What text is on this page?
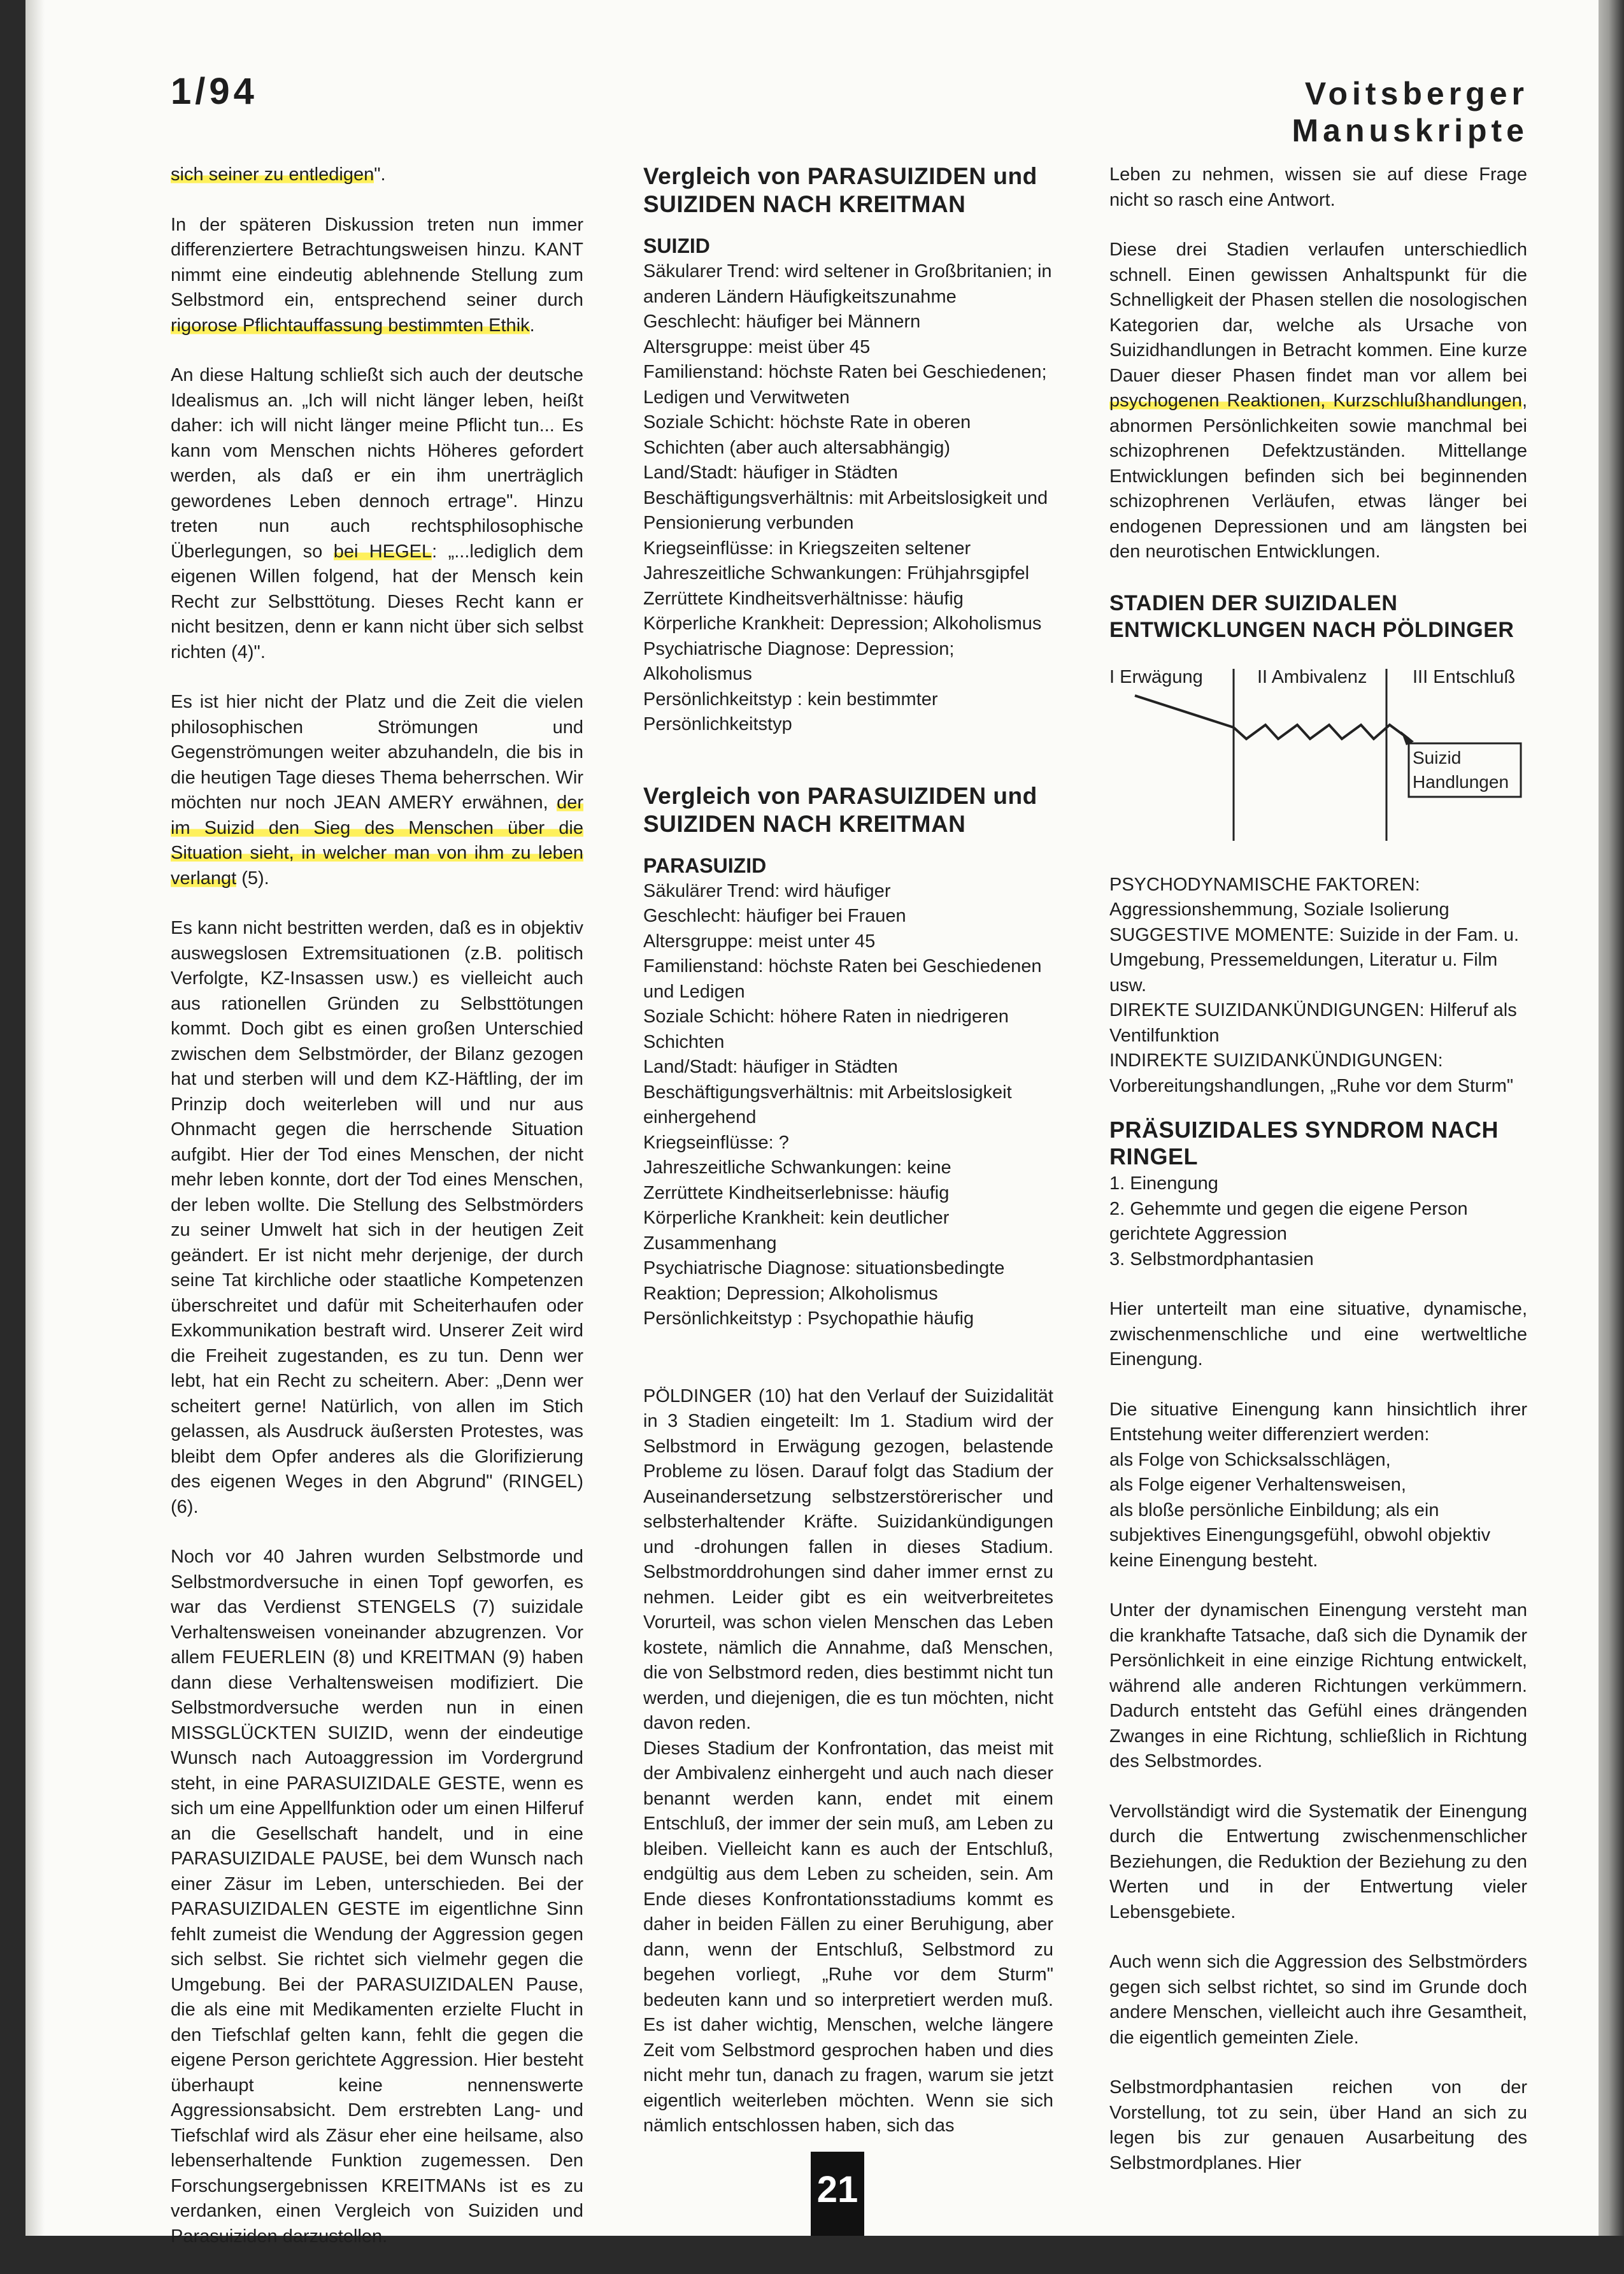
1/94	Voitsberger Manuskripte

sich seiner zu entledigen".

In der späteren Diskussion treten nun immer differenziertere Betrachtungsweisen hinzu. KANT nimmt eine eindeutig ablehnende Stellung zum Selbstmord ein, entsprechend seiner durch rigorose Pflichtauffassung bestimmten Ethik.

An diese Haltung schließt sich auch der deutsche Idealismus an. „Ich will nicht länger leben, heißt daher: ich will nicht länger meine Pflicht tun... Es kann vom Menschen nichts Höheres gefordert werden, als daß er ein ihm unerträglich gewordenes Leben dennoch ertrage". Hinzu treten nun auch rechtsphilosophische Überlegungen, so bei HEGEL: „...lediglich dem eigenen Willen folgend, hat der Mensch kein Recht zur Selbsttötung. Dieses Recht kann er nicht besitzen, denn er kann nicht über sich selbst richten (4)".

Es ist hier nicht der Platz und die Zeit die vielen philosophischen Strömungen und Gegenströmungen weiter abzuhandeln, die bis in die heutigen Tage dieses Thema beherrschen. Wir möchten nur noch JEAN AMERY erwähnen, der im Suizid den Sieg des Menschen über die Situation sieht, in welcher man von ihm zu leben verlangt (5).

Es kann nicht bestritten werden, daß es in objektiv auswegslosen Extremsituationen (z.B. politisch Verfolgte, KZ-Insassen usw.) es vielleicht auch aus rationellen Gründen zu Selbsttötungen kommt. Doch gibt es einen großen Unterschied zwischen dem Selbstmörder, der Bilanz gezogen hat und sterben will und dem KZ-Häftling, der im Prinzip doch weiterleben will und nur aus Ohnmacht gegen die herrschende Situation aufgibt. Hier der Tod eines Menschen, der nicht mehr leben konnte, dort der Tod eines Menschen, der leben wollte. Die Stellung des Selbstmörders zu seiner Umwelt hat sich in der heutigen Zeit geändert. Er ist nicht mehr derjenige, der durch seine Tat kirchliche oder staatliche Kompetenzen überschreitet und dafür mit Scheiterhaufen oder Exkommunikation bestraft wird. Unserer Zeit wird die Freiheit zugestanden, es zu tun. Denn wer lebt, hat ein Recht zu scheitern. Aber: „Denn wer scheitert gerne! Natürlich, von allen im Stich gelassen, als Ausdruck äußersten Protestes, was bleibt dem Opfer anderes als die Glorifizierung des eigenen Weges in den Abgrund" (RINGEL) (6).

Noch vor 40 Jahren wurden Selbstmorde und Selbstmordversuche in einen Topf geworfen, es war das Verdienst STENGELS (7) suizidale Verhaltensweisen voneinander abzugrenzen. Vor allem FEUERLEIN (8) und KREITMAN (9) haben dann diese Verhaltensweisen modifiziert. Die Selbstmordversuche werden nun in einen MISSGLÜCKTEN SUIZID, wenn der eindeutige Wunsch nach Autoaggression im Vordergrund steht, in eine PARASUIZIDALE GESTE, wenn es sich um eine Appellfunktion oder um einen Hilferuf an die Gesellschaft handelt, und in eine PARASUIZIDALE PAUSE, bei dem Wunsch nach einer Zäsur im Leben, unterschieden. Bei der PARASUIZIDALEN GESTE im eigentlichne Sinn fehlt zumeist die Wendung der Aggression gegen sich selbst. Sie richtet sich vielmehr gegen die Umgebung. Bei der PARASUIZIDALEN Pause, die als eine mit Medikamenten erzielte Flucht in den Tiefschlaf gelten kann, fehlt die gegen die eigene Person gerichtete Aggression. Hier besteht überhaupt keine nennenswerte Aggressionsabsicht. Dem erstrebten Lang- und Tiefschlaf wird als Zäsur eher eine heilsame, also lebenserhaltende Funktion zugemessen. Den Forschungsergebnissen KREITMANs ist es zu verdanken, einen Vergleich von Suiziden und Parasuiziden darzustellen.

Vergleich von PARASUIZIDEN und SUIZIDEN NACH KREITMAN
SUIZID
Säkularer Trend: wird seltener in Großbritanien; in anderen Ländern Häufigkeitszunahme
Geschlecht: häufiger bei Männern
Altersgruppe: meist über 45
Familienstand: höchste Raten bei Geschiedenen; Ledigen und Verwitweten
Soziale Schicht: höchste Rate in oberen Schichten (aber auch altersabhängig)
Land/Stadt: häufiger in Städten
Beschäftigungsverhältnis: mit Arbeitslosigkeit und Pensionierung verbunden
Kriegseinflüsse: in Kriegszeiten seltener
Jahreszeitliche Schwankungen: Frühjahrsgipfel
Zerrüttete Kindheitsverhältnisse: häufig
Körperliche Krankheit: Depression; Alkoholismus
Psychiatrische Diagnose: Depression; Alkoholismus
Persönlichkeitstyp : kein bestimmter Persönlichkeitstyp
Vergleich von PARASUIZIDEN und SUIZIDEN NACH KREITMAN
PARASUIZID
Säkulärer Trend: wird häufiger
Geschlecht: häufiger bei Frauen
Altersgruppe: meist unter 45
Familienstand: höchste Raten bei Geschiedenen und Ledigen
Soziale Schicht: höhere Raten in niedrigeren Schichten
Land/Stadt: häufiger in Städten
Beschäftigungsverhältnis: mit Arbeitslosigkeit einhergehend
Kriegseinflüsse: ?
Jahreszeitliche Schwankungen: keine
Zerrüttete Kindheitserlebnisse: häufig
Körperliche Krankheit: kein deutlicher Zusammenhang
Psychiatrische Diagnose: situationsbedingte Reaktion; Depression; Alkoholismus
Persönlichkeitstyp : Psychopathie häufig

PÖLDINGER (10) hat den Verlauf der Suizidalität in 3 Stadien eingeteilt: Im 1. Stadium wird der Selbstmord in Erwägung gezogen, belastende Probleme zu lösen. Darauf folgt das Stadium der Auseinandersetzung selbstzerstörerischer und selbsterhaltender Kräfte. Suizidankündigungen und -drohungen fallen in dieses Stadium. Selbstmorddrohungen sind daher immer ernst zu nehmen. Leider gibt es ein weitverbreitetes Vorurteil, was schon vielen Menschen das Leben kostete, nämlich die Annahme, daß Menschen, die von Selbstmord reden, dies bestimmt nicht tun werden, und diejenigen, die es tun möchten, nicht davon reden.

Dieses Stadium der Konfrontation, das meist mit der Ambivalenz einhergeht und auch nach dieser benannt werden kann, endet mit einem Entschluß, der immer der sein muß, am Leben zu bleiben. Vielleicht kann es auch der Entschluß, endgültig aus dem Leben zu scheiden, sein. Am Ende dieses Konfrontationsstadiums kommt es daher in beiden Fällen zu einer Beruhigung, aber dann, wenn der Entschluß, Selbstmord zu begehen vorliegt, „Ruhe vor dem Sturm" bedeuten kann und so interpretiert werden muß. Es ist daher wichtig, Menschen, welche längere Zeit vom Selbstmord gesprochen haben und dies nicht mehr tun, danach zu fragen, warum sie jetzt eigentlich weiterleben möchten. Wenn sie sich nämlich entschlossen haben, sich das

Leben zu nehmen, wissen sie auf diese Frage nicht so rasch eine Antwort.

Diese drei Stadien verlaufen unterschiedlich schnell. Einen gewissen Anhaltspunkt für die Schnelligkeit der Phasen stellen die nosologischen Kategorien dar, welche als Ursache von Suizidhandlungen in Betracht kommen. Eine kurze Dauer dieser Phasen findet man vor allem bei psychogenen Reaktionen, Kurzschlußhandlungen, abnormen Persönlichkeiten sowie manchmal bei schizophrenen Defektzuständen. Mittellange Entwicklungen befinden sich bei beginnenden schizophrenen Verläufen, etwas länger bei endogenen Depressionen und am längsten bei den neurotischen Entwicklungen.

STADIEN DER SUIZIDALEN ENTWICKLUNGEN NACH PÖLDINGER
I Erwägung	II Ambivalenz III Entschluß
Suizid
Handlungen
PSYCHODYNAMISCHE FAKTOREN: Aggressionshemmung, Soziale Isolierung
SUGGESTIVE MOMENTE: Suizide in der Fam. u. Umgebung, Pressemeldungen, Literatur u. Film usw.
DIREKTE SUIZIDANKÜNDIGUNGEN: Hilferuf als Ventilfunktion
INDIREKTE SUIZIDANKÜNDIGUNGEN: Vorbereitungshandlungen, „Ruhe vor dem Sturm"
PRÄSUIZIDALES SYNDROM NACH RINGEL
1. Einengung
2. Gehemmte und gegen die eigene Person gerichtete Aggression
3. Selbstmordphantasien

Hier unterteilt man eine situative, dynamische, zwischenmenschliche und eine wertweltliche Einengung.

Die situative Einengung kann hinsichtlich ihrer Entstehung weiter differenziert werden:

als Folge von Schicksalsschlägen,
als Folge eigener Verhaltensweisen,
als bloße persönliche Einbildung; als ein subjektives Einengungsgefühl, obwohl objektiv keine Einengung besteht.

Unter der dynamischen Einengung versteht man die krankhafte Tatsache, daß sich die Dynamik der Persönlichkeit in eine einzige Richtung entwickelt, während alle anderen Richtungen verkümmern. Dadurch entsteht das Gefühl eines drängenden Zwanges in eine Richtung, schließlich in Richtung des Selbstmordes.

Vervollständigt wird die Systematik der Einengung durch die Entwertung zwischenmenschlicher Beziehungen, die Reduktion der Beziehung zu den Werten und in der Entwertung vieler Lebensgebiete.

Auch wenn sich die Aggression des Selbstmörders gegen sich selbst richtet, so sind im Grunde doch andere Menschen, vielleicht auch ihre Gesamtheit, die eigentlich gemeinten Ziele.

Selbstmordphantasien reichen von der Vorstellung, tot zu sein, über Hand an sich zu legen bis zur genauen Ausarbeitung des Selbstmordplanes. Hier

21
